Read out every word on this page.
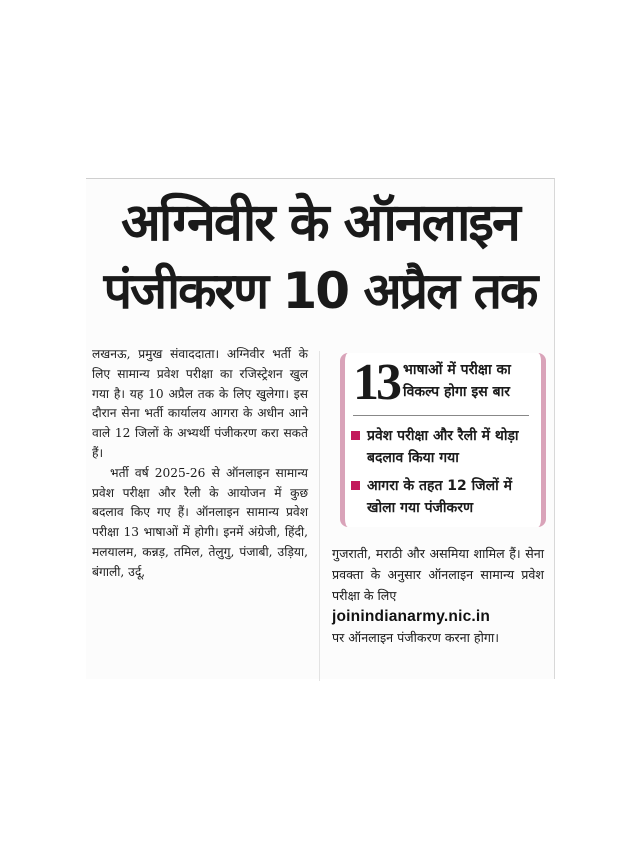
अग्निवीर के ऑनलाइन
पंजीकरण 10 अप्रैल तक

लखनऊ, प्रमुख संवाददाता। अग्निवीर भर्ती के लिए सामान्य प्रवेश परीक्षा का रजिस्ट्रेशन खुल गया है। यह 10 अप्रैल तक के लिए खुलेगा। इस दौरान सेना भर्ती कार्यालय आगरा के अधीन आने वाले 12 जिलों के अभ्यर्थी पंजीकरण करा सकते हैं।

भर्ती वर्ष 2025-26 से ऑनलाइन सामान्य प्रवेश परीक्षा और रैली के आयोजन में कुछ बदलाव किए गए हैं। ऑनलाइन सामान्य प्रवेश परीक्षा 13 भाषाओं में होगी। इनमें अंग्रेजी, हिंदी, मलयालम, कन्नड़, तमिल, तेलुगु, पंजाबी, उड़िया, बंगाली, उर्दू,

13 भाषाओं में परीक्षा का विकल्प होगा इस बार
प्रवेश परीक्षा और रैली में थोड़ा बदलाव किया गया
आगरा के तहत 12 जिलों में खोला गया पंजीकरण

गुजराती, मराठी और असमिया शामिल हैं। सेना प्रवक्ता के अनुसार ऑनलाइन सामान्य प्रवेश परीक्षा के लिए
joinindianarmy.nic.in
पर ऑनलाइन पंजीकरण करना होगा।
